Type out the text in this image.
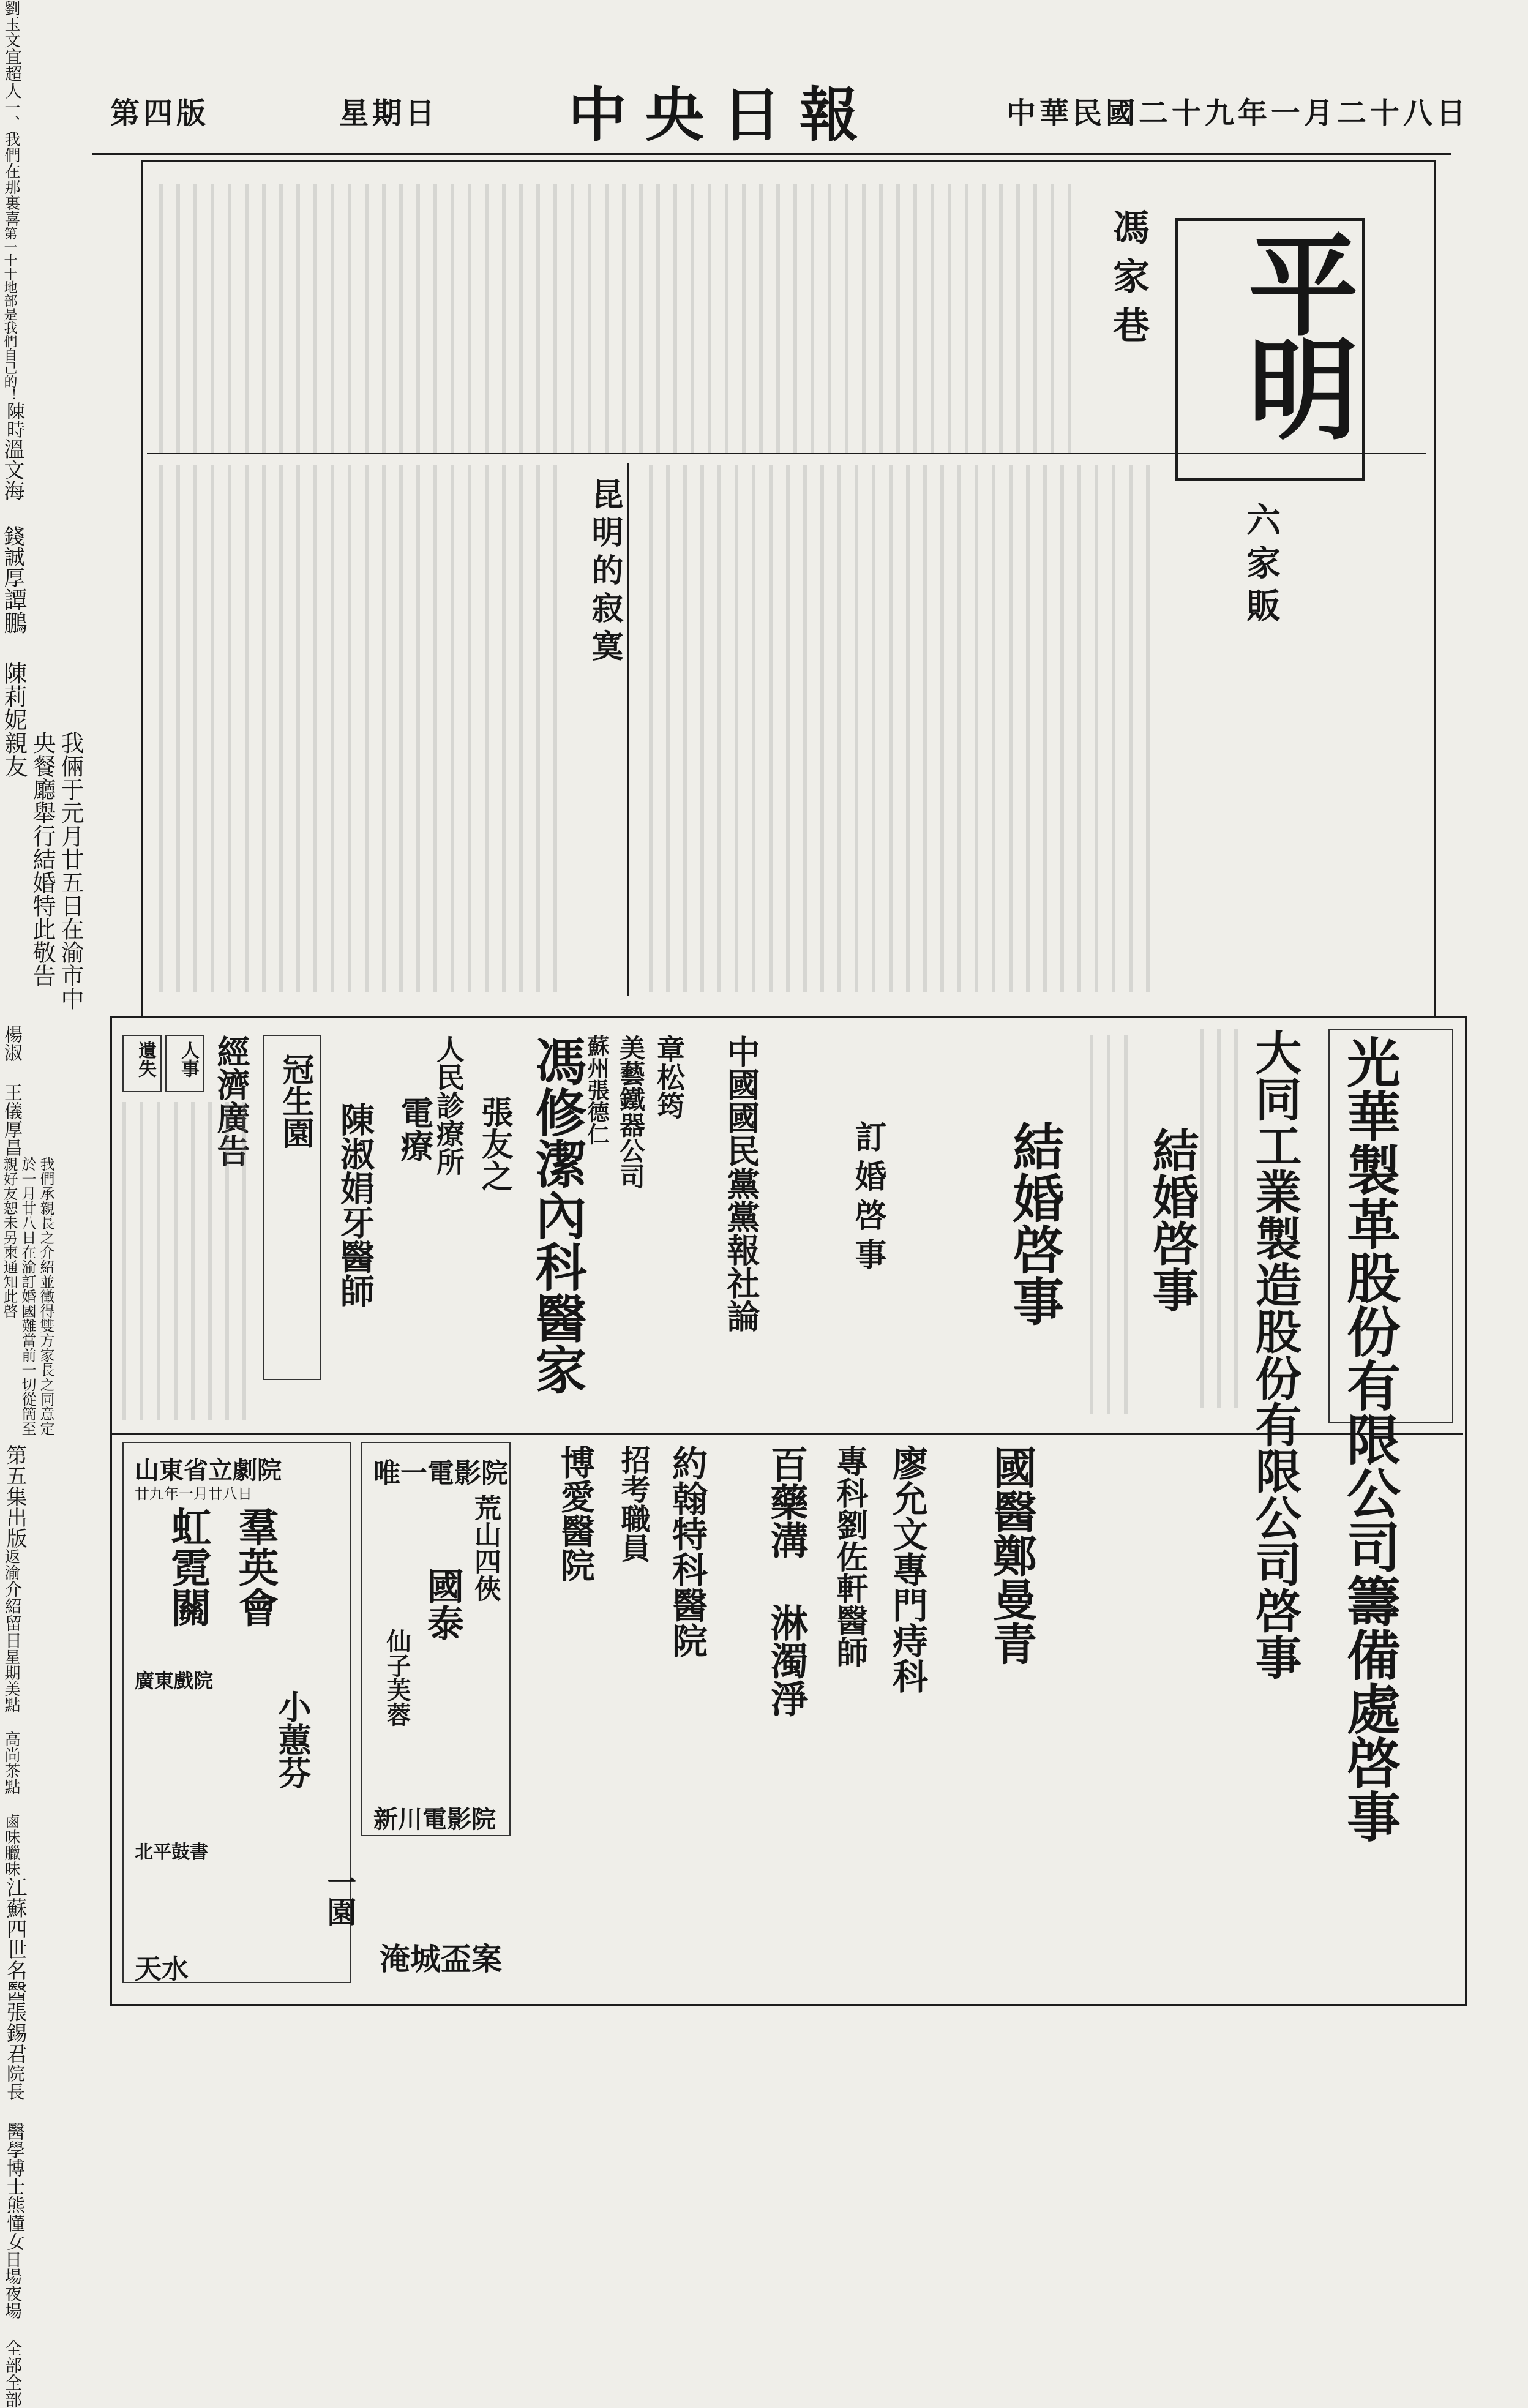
第四版	星期日 中央日報	中華民國二十九年一月二十八日
平明
馮家巷
劉玉文
六家販
宜超人
一、我們在那裏喜
第一十十地部是我們自己的！
昆明的寂寞
陳時
光華製革股份有限公司籌備處啓事
大同工業製造股份有限公司啓事
溫文海 錢誠厚
結婚啓事
譚鵬 陳莉妮
結婚啓事
我倆于元月廿五日在渝市中央餐廳舉行結婚特此敬告 親友
楊淑 王儀厚昌
訂婚啓事
我們承親長之介紹並徵得雙方家長之同意定於一月廿八日在渝訂婚國難當前一切從簡至親好友恕未另柬通知此啓	中國國民黨黨報社論
第五集出版
章松筠
美藝鐵器公司
蘇州張德仁
馮修潔內科醫家
張友之
返渝
人民診療所
電療
介紹留日
陳淑娟牙醫師
冠生園
星期美點 高尚茶點 鹵味臘味
經濟廣告
人事
遺失
國醫鄭曼青
廖允文專門痔科
專科劉佐軒醫師
百藥溝 淋濁淨
江蘇四世名醫張錫君
約翰特科醫院
招考職員
博愛醫院
院長 醫學博士熊懂女
唯一電影院
荒山四俠
國泰
仙子芙蓉
新川電影院
淹城盃案
山東省立劇院
廿九年一月廿八日
日場夜場 全部全部
羣英會
虹霓關
廣東戲院
小蕙芬
北平鼓書
一園
天水
